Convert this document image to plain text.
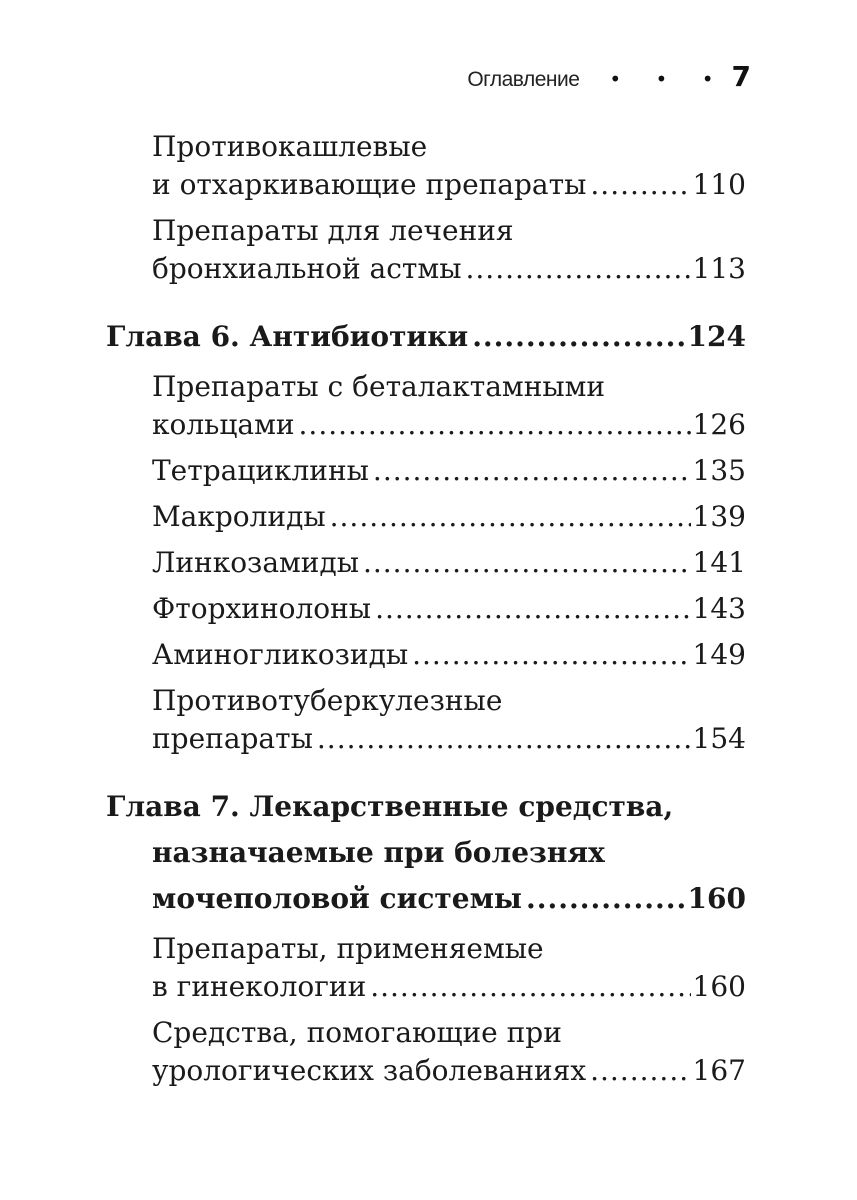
Оглавление • • • 7
Противокашлевые
и отхаркивающие препараты .....	110
Препараты для лечения
бронхиальной астмы .....	113
Глава 6. Антибиотики .....	124
Препараты с беталактамными
кольцами .....	126
Тетрациклины .....	135
Макролиды .....	139
Линкозамиды .....	141
Фторхинолоны .....	143
Аминогликозиды .....	149
Противотуберкулезные
препараты .....	154
Глава 7. Лекарственные средства,
назначаемые при болезнях
мочеполовой системы .....	160
Препараты, применяемые
в гинекологии .....	160
Средства, помогающие при
урологических заболеваниях .....	167
